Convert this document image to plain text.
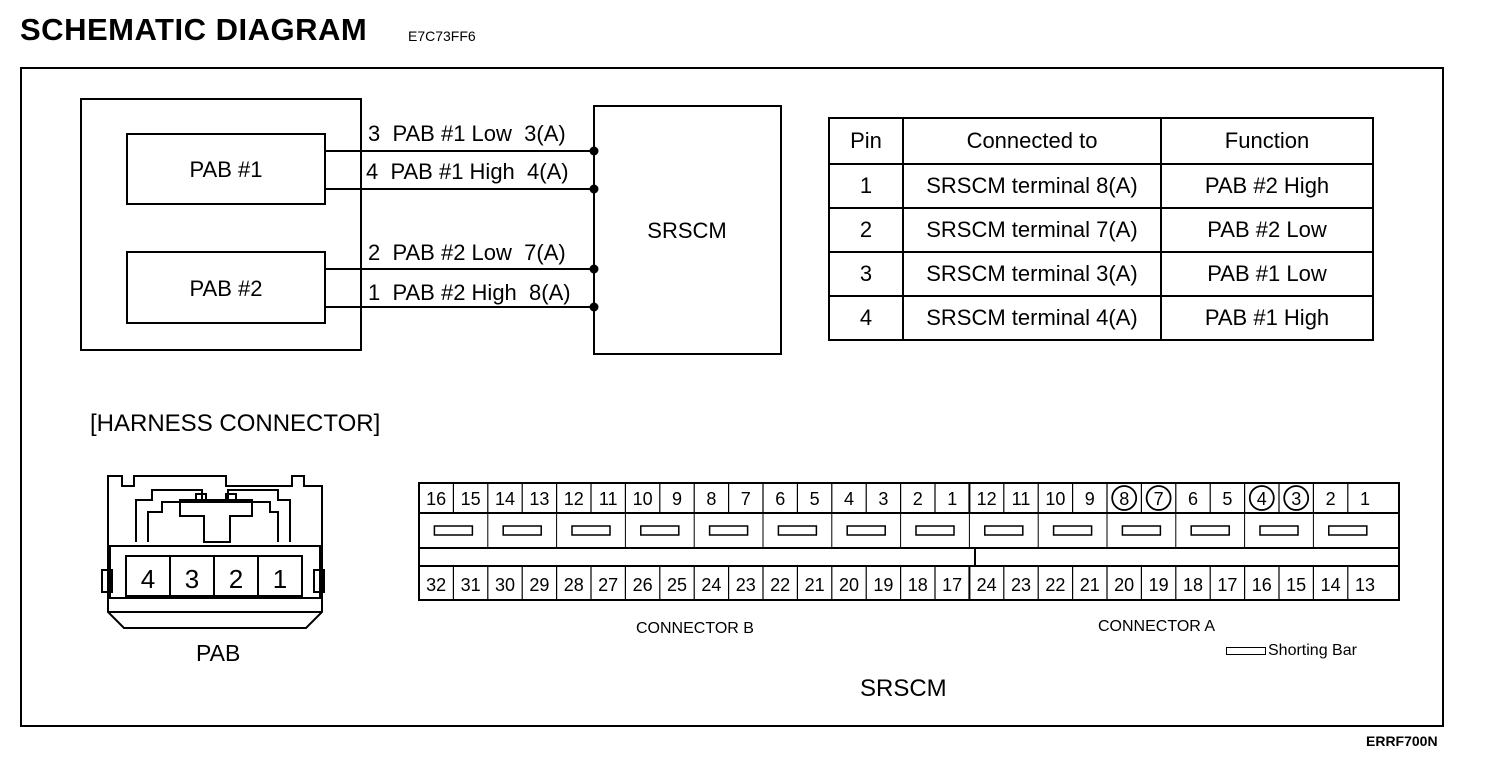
SCHEMATIC DIAGRAM	E7C73FF6
PAB #1
PAB #2
SRSCM
3  PAB #1 Low  3(A)
4  PAB #1 High  4(A)
2  PAB #2 Low  7(A)
1  PAB #2 High  8(A)
Pin	Connected to	Function
1	SRSCM terminal 8(A)	PAB #2 High
2	SRSCM terminal 7(A)	PAB #2 Low
3	SRSCM terminal 3(A)	PAB #1 Low
4	SRSCM terminal 4(A)	PAB #1 High
[HARNESS CONNECTOR]
4 3 2 1
PAB
16 15 14 13 12 11 10 9 8 7 6 5 4 3 2 1
32 31 30 29 28 27 26 25 24 23 22 21 20 19 18 17
12 11 10 9 8 7 6 5 4 3 2 1
24 23 22 21 20 19 18 17 16 15 14 13
CONNECTOR B	CONNECTOR A
Shorting Bar
SRSCM
ERRF700N
